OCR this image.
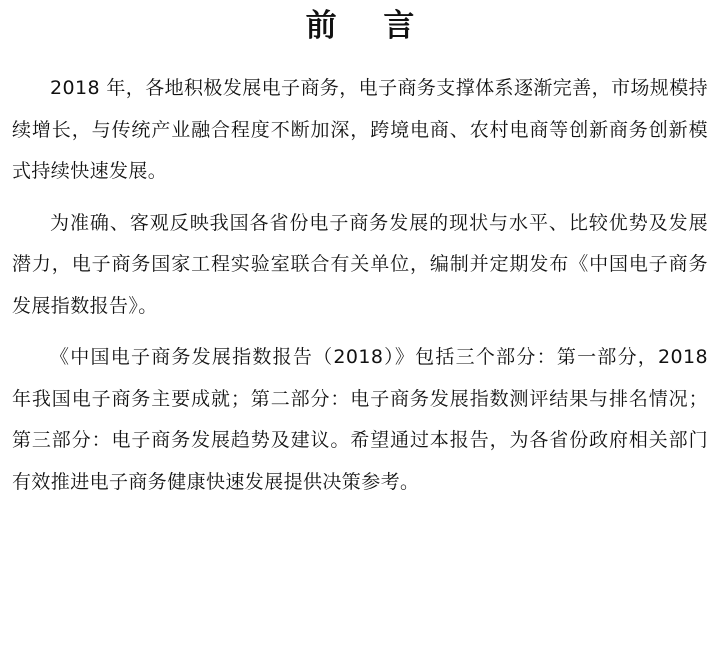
前 言

2018 年，各地积极发展电子商务，电子商务支撑体系逐渐完善，市场规模持续增长，与传统产业融合程度不断加深，跨境电商、农村电商等创新商务创新模式持续快速发展。

为准确、客观反映我国各省份电子商务发展的现状与水平、比较优势及发展潜力，电子商务国家工程实验室联合有关单位，编制并定期发布《中国电子商务发展指数报告》。

《中国电子商务发展指数报告（2018）》包括三个部分：第一部分，2018 年我国电子商务主要成就；第二部分：电子商务发展指数测评结果与排名情况；第三部分：电子商务发展趋势及建议。希望通过本报告，为各省份政府相关部门有效推进电子商务健康快速发展提供决策参考。
